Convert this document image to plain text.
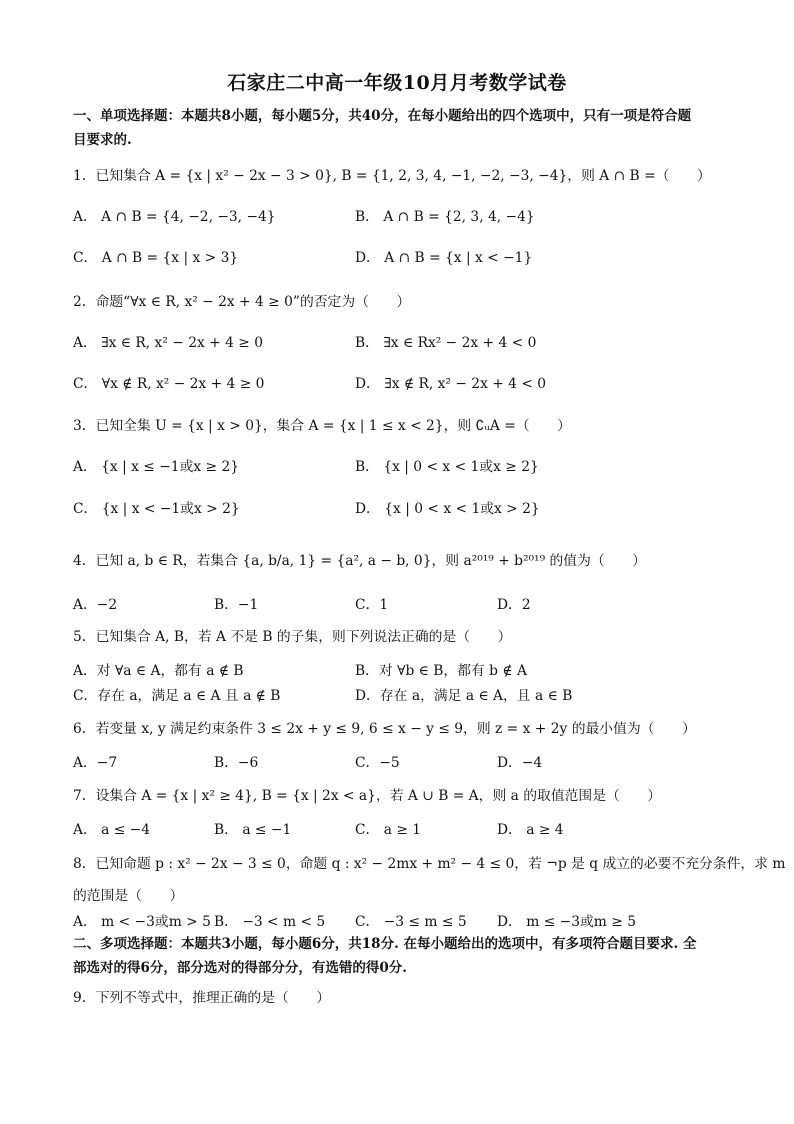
石家庄二中高一年级10月月考数学试卷
一、单项选择题：本题共8小题，每小题5分，共40分，在每小题给出的四个选项中，只有一项是符合题
目要求的.
1．已知集合 A = {x | x² − 2x − 3 > 0}, B = {1, 2, 3, 4, −1, −2, −3, −4}，则 A ∩ B =（　　）
A． A ∩ B = {4, −2, −3, −4}	B． A ∩ B = {2, 3, 4, −4}
C． A ∩ B = {x | x > 3}	D． A ∩ B = {x | x < −1}
2．命题“∀x ∈ R, x² − 2x + 4 ≥ 0”的否定为（　　）
A． ∃x ∈ R, x² − 2x + 4 ≥ 0	B． ∃x ∈ Rx² − 2x + 4 < 0
C． ∀x ∉ R, x² − 2x + 4 ≥ 0	D． ∃x ∉ R, x² − 2x + 4 < 0
3．已知全集 U = {x | x > 0}，集合 A = {x | 1 ≤ x < 2}，则 ∁ᵤA =（　　）
A． {x | x ≤ −1或x ≥ 2}	B． {x | 0 < x < 1或x ≥ 2}
C． {x | x < −1或x > 2}	D． {x | 0 < x < 1或x > 2}
4．已知 a, b ∈ R，若集合 {a, b/a, 1} = {a², a − b, 0}，则 a²⁰¹⁹ + b²⁰¹⁹ 的值为（　　）
A．−2	B．−1	C．1	D．2
5．已知集合 A, B，若 A 不是 B 的子集，则下列说法正确的是（　　）
A．对 ∀a ∈ A，都有 a ∉ B	B．对 ∀b ∈ B，都有 b ∉ A
C．存在 a，满足 a ∈ A 且 a ∉ B	D．存在 a，满足 a ∈ A，且 a ∈ B
6．若变量 x, y 满足约束条件 3 ≤ 2x + y ≤ 9, 6 ≤ x − y ≤ 9，则 z = x + 2y 的最小值为（　　）
A．−7	B．−6	C．−5	D．−4
7．设集合 A = {x | x² ≥ 4}, B = {x | 2x < a}，若 A ∪ B = A，则 a 的取值范围是（　　）
A． a ≤ −4	B． a ≤ −1	C． a ≥ 1	D． a ≥ 4
8．已知命题 p : x² − 2x − 3 ≤ 0，命题 q : x² − 2mx + m² − 4 ≤ 0，若 ¬p 是 q 成立的必要不充分条件，求 m
的范围是（　　）
A． m < −3或m > 5 B． −3 < m < 5 C． −3 ≤ m ≤ 5 D． m ≤ −3或m ≥ 5
二、多项选择题：本题共3小题，每小题6分，共18分. 在每小题给出的选项中，有多项符合题目要求. 全
部选对的得6分，部分选对的得部分分，有选错的得0分.
9．下列不等式中，推理正确的是（　　）
